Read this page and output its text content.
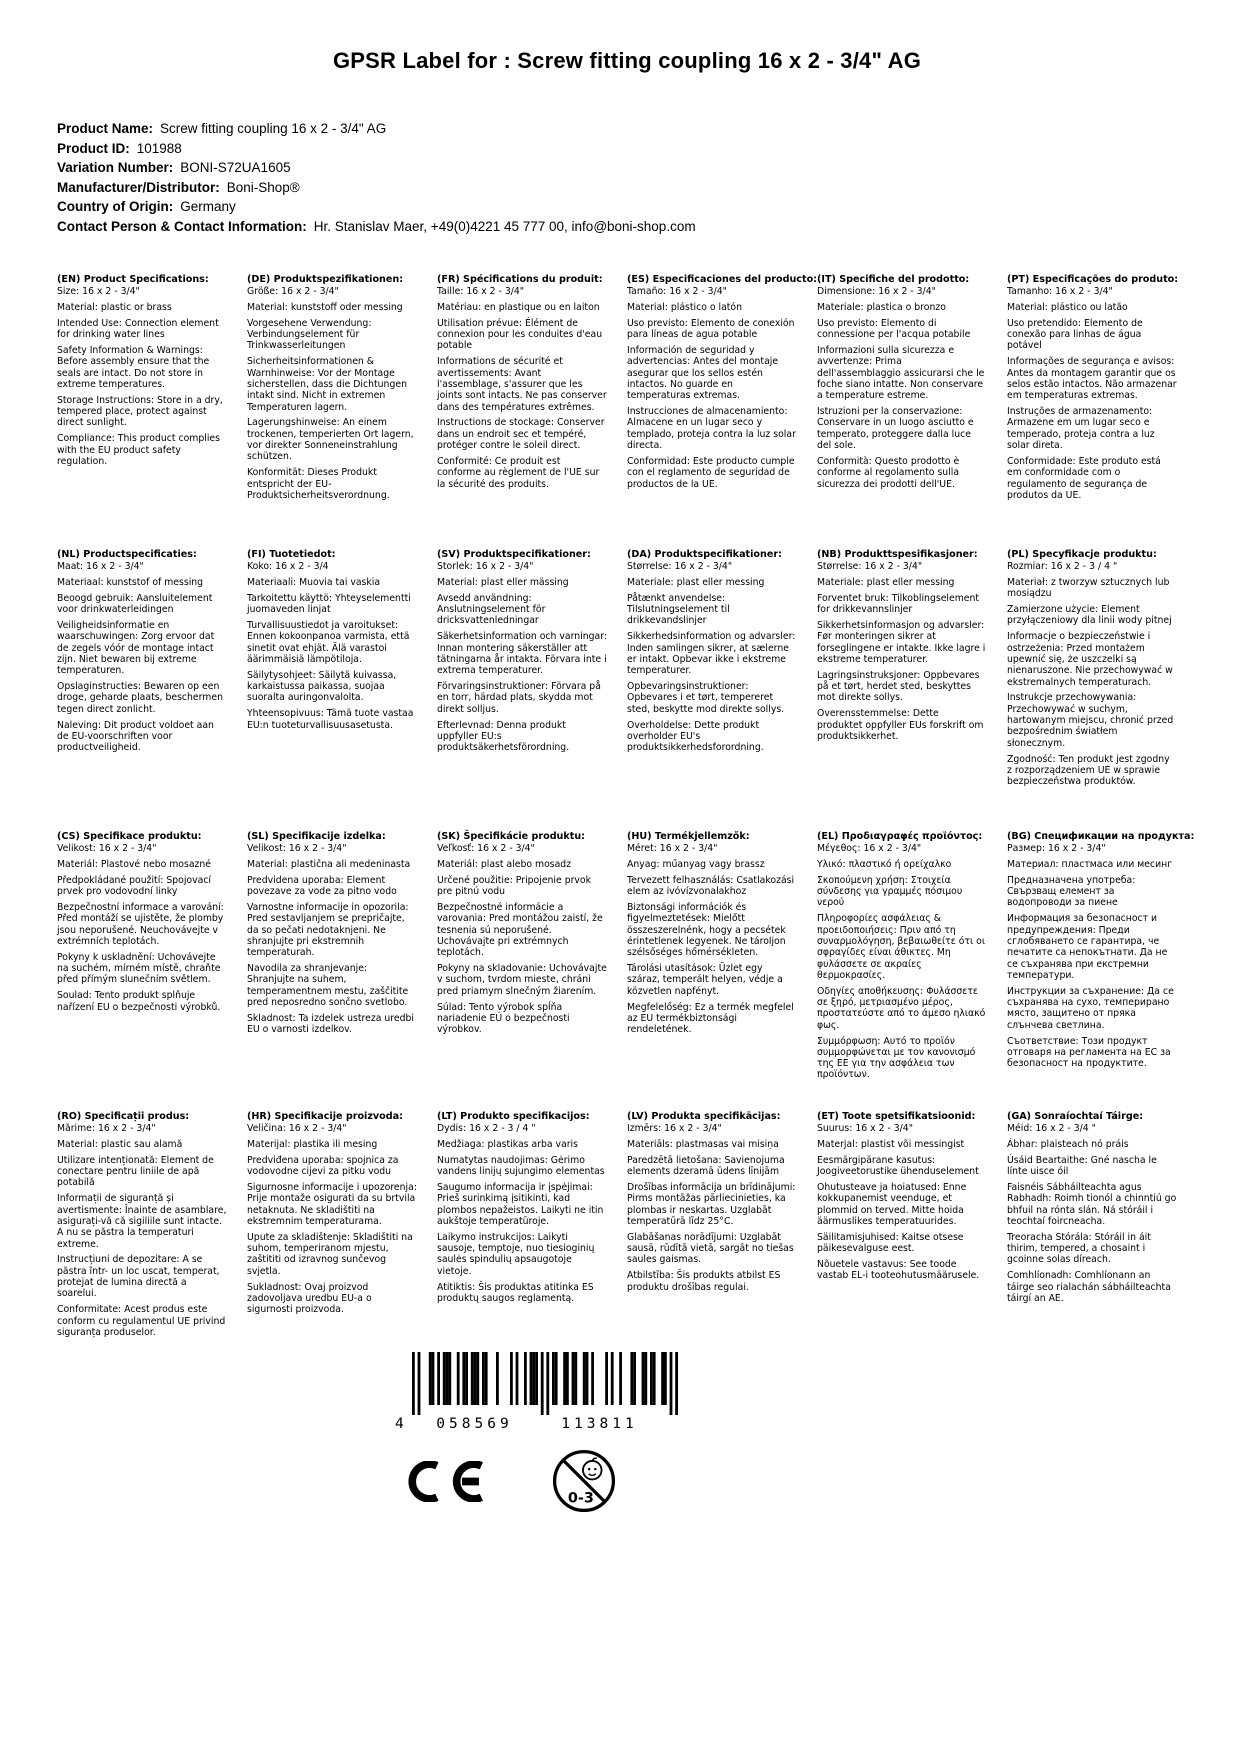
GPSR Label for : Screw fitting coupling 16 x 2 - 3/4" AG
Product Name: Screw fitting coupling 16 x 2 - 3/4" AG
Product ID: 101988
Variation Number: BONI-S72UA1605
Manufacturer/Distributor: Boni-Shop®
Country of Origin: Germany
Contact Person & Contact Information: Hr. Stanislav Maer, +49(0)4221 45 777 00, info@boni-shop.com
(EN) Product Specifications:

Size: 16 x 2 - 3/4"

Material: plastic or brass

Intended Use: Connection element for drinking water lines

Safety Information & Warnings: Before assembly ensure that the seals are intact. Do not store in extreme temperatures.

Storage Instructions: Store in a dry, tempered place, protect against direct sunlight.

Compliance: This product complies with the EU product safety regulation.

(DE) Produktspezifikationen:

Größe: 16 x 2 - 3/4"

Material: kunststoff oder messing

Vorgesehene Verwendung: Verbindungselement für Trinkwasserleitungen

Sicherheitsinformationen & Warnhinweise: Vor der Montage sicherstellen, dass die Dichtungen intakt sind. Nicht in extremen Temperaturen lagern.

Lagerungshinweise: An einem trockenen, temperierten Ort lagern, vor direkter Sonneneinstrahlung schützen.

Konformität: Dieses Produkt entspricht der EU-Produktsicherheitsverordnung.

(FR) Spécifications du produit:

Taille: 16 x 2 - 3/4"

Matériau: en plastique ou en laiton

Utilisation prévue: Élément de connexion pour les conduites d'eau potable

Informations de sécurité et avertissements: Avant l'assemblage, s'assurer que les joints sont intacts. Ne pas conserver dans des températures extrêmes.

Instructions de stockage: Conserver dans un endroit sec et tempéré, protéger contre le soleil direct.

Conformité: Ce produit est conforme au règlement de l'UE sur la sécurité des produits.

(ES) Especificaciones del producto:

Tamaño: 16 x 2 - 3/4"

Material: plástico o latón

Uso previsto: Elemento de conexión para líneas de agua potable

Información de seguridad y advertencias: Antes del montaje asegurar que los sellos estén intactos. No guarde en temperaturas extremas.

Instrucciones de almacenamiento: Almacene en un lugar seco y templado, proteja contra la luz solar directa.

Conformidad: Este producto cumple con el reglamento de seguridad de productos de la UE.

(IT) Specifiche del prodotto:

Dimensione: 16 x 2 - 3/4"

Materiale: plastica o bronzo

Uso previsto: Elemento di connessione per l'acqua potabile

Informazioni sulla sicurezza e avvertenze: Prima dell'assemblaggio assicurarsi che le foche siano intatte. Non conservare a temperature estreme.

Istruzioni per la conservazione: Conservare in un luogo asciutto e temperato, proteggere dalla luce del sole.

Conformità: Questo prodotto è conforme al regolamento sulla sicurezza dei prodotti dell'UE.

(PT) Especificações do produto:

Tamanho: 16 x 2 - 3/4"

Material: plástico ou latão

Uso pretendido: Elemento de conexão para linhas de água potável

Informações de segurança e avisos: Antes da montagem garantir que os selos estão intactos. Não armazenar em temperaturas extremas.

Instruções de armazenamento: Armazene em um lugar seco e temperado, proteja contra a luz solar direta.

Conformidade: Este produto está em conformidade com o regulamento de segurança de produtos da UE.

(NL) Productspecificaties:

Maat: 16 x 2 - 3/4"

Materiaal: kunststof of messing

Beoogd gebruik: Aansluitelement voor drinkwaterleidingen

Veiligheidsinformatie en waarschuwingen: Zorg ervoor dat de zegels vóór de montage intact zijn. Niet bewaren bij extreme temperaturen.

Opslaginstructies: Bewaren op een droge, geharde plaats, beschermen tegen direct zonlicht.

Naleving: Dit product voldoet aan de EU-voorschriften voor productveiligheid.

(FI) Tuotetiedot:

Koko: 16 x 2 - 3/4

Materiaali: Muovia tai vaskia

Tarkoitettu käyttö: Yhteyselementti juomaveden linjat

Turvallisuustiedot ja varoitukset: Ennen kokoonpanoa varmista, että sinetit ovat ehjät. Älä varastoi äärimmäisiä lämpötiloja.

Säilytysohjeet: Säilytä kuivassa, karkaistussa paikassa, suojaa suoralta auringonvalolta.

Yhteensopivuus: Tämä tuote vastaa EU:n tuoteturvallisuusasetusta.

(SV) Produktspecifikationer:

Storlek: 16 x 2 - 3/4"

Material: plast eller mässing

Avsedd användning: Anslutningselement för dricksvattenledningar

Säkerhetsinformation och varningar: Innan montering säkerställer att tätningarna år intakta. Förvara inte i extrema temperaturer.

Förvaringsinstruktioner: Förvara på en torr, härdad plats, skydda mot direkt solljus.

Efterlevnad: Denna produkt uppfyller EU:s produktsäkerhetsförordning.

(DA) Produktspecifikationer:

Størrelse: 16 x 2 - 3/4"

Materiale: plast eller messing

Påtænkt anvendelse: Tilslutningselement til drikkevandslinjer

Sikkerhedsinformation og advarsler: Inden samlingen sikrer, at sælerne er intakt. Opbevar ikke i ekstreme temperaturer.

Opbevaringsinstruktioner: Opbevares i et tørt, tempereret sted, beskytte mod direkte sollys.

Overholdelse: Dette produkt overholder EU's produktsikkerhedsforordning.

(NB) Produkttspesifikasjoner:

Størrelse: 16 x 2 - 3/4"

Materiale: plast eller messing

Forventet bruk: Tilkoblingselement for drikkevannslinjer

Sikkerhetsinformasjon og advarsler: Før monteringen sikrer at forseglingene er intakte. Ikke lagre i ekstreme temperaturer.

Lagringsinstruksjoner: Oppbevares på et tørt, herdet sted, beskyttes mot direkte sollys.

Overensstemmelse: Dette produktet oppfyller EUs forskrift om produktsikkerhet.

(PL) Specyfikacje produktu:

Rozmiar: 16 x 2 - 3 / 4 "

Materiał: z tworzyw sztucznych lub mosiądzu

Zamierzone użycie: Element przyłączeniowy dla linii wody pitnej

Informacje o bezpieczeństwie i ostrzeżenia: Przed montażem upewnić się, że uszczelki są nienaruszone. Nie przechowywać w ekstremalnych temperaturach.

Instrukcje przechowywania: Przechowywać w suchym, hartowanym miejscu, chronić przed bezpośrednim światłem słonecznym.

Zgodność: Ten produkt jest zgodny z rozporządzeniem UE w sprawie bezpieczeństwa produktów.

(CS) Specifikace produktu:

Velikost: 16 x 2 - 3/4"

Materiál: Plastové nebo mosazné

Předpokládané použití: Spojovací prvek pro vodovodní linky

Bezpečnostní informace a varování: Před montáží se ujistěte, že plomby jsou neporušené. Neuchovávejte v extrémních teplotách.

Pokyny k uskladnění: Uchovávejte na suchém, mírném místě, chraňte před přímým slunečním světlem.

Soulad: Tento produkt splňuje nařízení EU o bezpečnosti výrobků.

(SL) Specifikacije izdelka:

Velikost: 16 x 2 - 3/4"

Material: plastična ali medeninasta

Predvidena uporaba: Element povezave za vode za pitno vodo

Varnostne informacije in opozorila: Pred sestavljanjem se prepričajte, da so pečati nedotaknjeni. Ne shranjujte pri ekstremnih temperaturah.

Navodila za shranjevanje: Shranjujte na suhem, temperamentnem mestu, zaščitite pred neposredno sončno svetlobo.

Skladnost: Ta izdelek ustreza uredbi EU o varnosti izdelkov.

(SK) Špecifikácie produktu:

Veľkosť: 16 x 2 - 3/4"

Materiál: plast alebo mosadz

Určené použitie: Pripojenie prvok pre pitnú vodu

Bezpečnostné informácie a varovania: Pred montážou zaistí, že tesnenia sú neporušené. Uchovávajte pri extrémnych teplotách.

Pokyny na skladovanie: Uchovávajte v suchom, tvrdom mieste, chráni pred priamym slnečným žiarením.

Súlad: Tento výrobok spĺňa nariadenie EÚ o bezpečnosti výrobkov.

(HU) Termékjellemzők:

Méret: 16 x 2 - 3/4"

Anyag: műanyag vagy brassz

Tervezett felhasználás: Csatlakozási elem az ivóvízvonalakhoz

Biztonsági információk és figyelmeztetések: Mielőtt összeszerelnénk, hogy a pecsétek érintetlenek legyenek. Ne tároljon szélsőséges hőmérsékleten.

Tárolási utasítások: Üzlet egy száraz, temperált helyen, védje a közvetlen napfényt.

Megfelelőség: Ez a termék megfelel az EU termékbiztonsági rendeletének.

(EL) Προδιαγραφές προϊόντος:

Μέγεθος: 16 x 2 - 3/4"

Υλικό: πλαστικό ή ορείχαλκο

Σκοπούμενη χρήση: Στοιχεία σύνδεσης για γραμμές πόσιμου νερού

Πληροφορίες ασφάλειας & προειδοποιήσεις: Πριν από τη συναρμολόγηση, βεβαιωθείτε ότι οι σφραγίδες είναι άθικτες. Μη φυλάσσετε σε ακραίες θερμοκρασίες.

Οδηγίες αποθήκευσης: Φυλάσσετε σε ξηρό, μετριασμένο μέρος, προστατεύστε από το άμεσο ηλιακό φως.

Συμμόρφωση: Αυτό το προϊόν συμμορφώνεται με τον κανονισμό της ΕΕ για την ασφάλεια των προϊόντων.

(BG) Спецификации на продукта:

Размер: 16 x 2 - 3/4"

Материал: пластмаса или месинг

Предназначена употреба: Свързващ елемент за водопроводи за пиене

Информация за безопасност и предупреждения: Преди сглобяването се гарантира, че печатите са непокътнати. Да не се съхранява при екстремни температури.

Инструкции за съхранение: Да се съхранява на сухо, темперирано място, защитено от пряка слънчева светлина.

Съответствие: Този продукт отговаря на регламента на ЕС за безопасност на продуктите.

(RO) Specificații produs:

Mărime: 16 x 2 - 3/4"

Material: plastic sau alamă

Utilizare intenționată: Element de conectare pentru liniile de apă potabilă

Informații de siguranță și avertismente: Înainte de asamblare, asigurați-vă că sigiliile sunt intacte. A nu se păstra la temperaturi extreme.

Instrucțiuni de depozitare: A se păstra într- un loc uscat, temperat, protejat de lumina directă a soarelui.

Conformitate: Acest produs este conform cu regulamentul UE privind siguranța produselor.

(HR) Specifikacije proizvoda:

Veličina: 16 x 2 - 3/4"

Materijal: plastika ili mesing

Predviđena uporaba: spojnica za vodovodne cijevi za pitku vodu

Sigurnosne informacije i upozorenja: Prije montaže osigurati da su brtvila netaknuta. Ne skladištiti na ekstremnim temperaturama.

Upute za skladištenje: Skladištiti na suhom, temperiranom mjestu, zaštititi od izravnog sunčevog svjetla.

Sukladnost: Ovaj proizvod zadovoljava uredbu EU-a o sigurnosti proizvoda.

(LT) Produkto specifikacijos:

Dydis: 16 x 2 - 3 / 4 "

Medžiaga: plastikas arba varis

Numatytas naudojimas: Gėrimo vandens linijų sujungimo elementas

Saugumo informacija ir įspėjimai: Prieš surinkimą įsitikinti, kad plombos nepažeistos. Laikyti ne itin aukštoje temperatūroje.

Laikymo instrukcijos: Laikyti sausoje, temptoje, nuo tiesioginių saulės spindulių apsaugotoje vietoje.

Atitiktis: Šis produktas atitinka ES produktų saugos reglamentą.

(LV) Produkta specifikācijas:

Izmērs: 16 x 2 - 3/4"

Materiāls: plastmasas vai misiņa

Paredzētā lietošana: Savienojuma elements dzeramā ūdens līnijām

Drošības informācija un brīdinājumi: Pirms montāžas pārliecinieties, ka plombas ir neskartas. Uzglabāt temperatūrā līdz 25°C.

Glabāšanas norādījumi: Uzglabāt sausā, rūdītā vietā, sargāt no tiešas saules gaismas.

Atbilstība: Šis produkts atbilst ES produktu drošības regulai.

(ET) Toote spetsifikatsioonid:

Suurus: 16 x 2 - 3/4"

Materjal: plastist või messingist

Eesmärgipärane kasutus: Joogiveetorustike ühenduselement

Ohutusteave ja hoiatused: Enne kokkupanemist veenduge, et plommid on terved. Mitte hoida äärmuslikes temperatuurides.

Säilitamisjuhised: Kaitse otsese päikesevalguse eest.

Nõuetele vastavus: See toode vastab EL-i tooteohutusmäärusele.

(GA) Sonraíochtaí Táirge:

Méid: 16 x 2 - 3/4 "

Ábhar: plaisteach nó práis

Úsáid Beartaithe: Gné nascha le línte uisce óil

Faisnéis Sábháilteachta agus Rabhadh: Roimh tionól a chinntiú go bhfuil na rónta slán. Ná stóráil i teochtaí foircneacha.

Treoracha Stórála: Stóráil in áit thirim, tempered, a chosaint i gcoinne solas díreach.

Comhlíonadh: Comhlíonann an táirge seo rialachán sábháilteachta táirgí an AE.

4	058569	113811
0-3
